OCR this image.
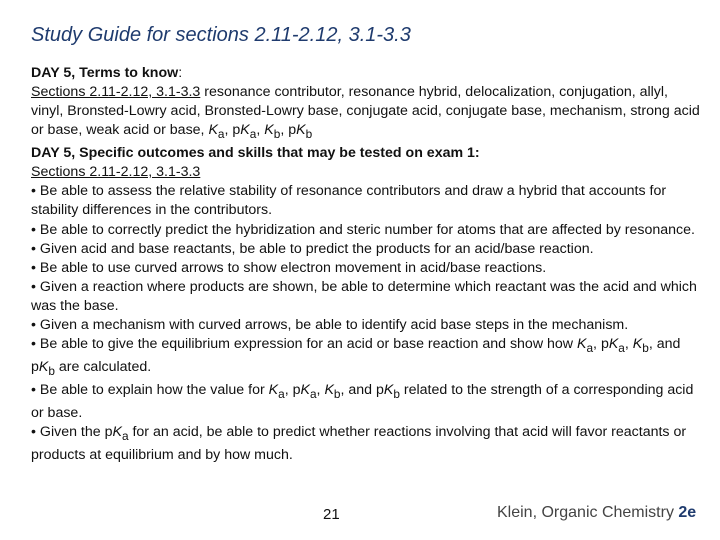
Study Guide for sections 2.11-2.12, 3.1-3.3

DAY 5, Terms to know:

Sections 2.11-2.12, 3.1-3.3 resonance contributor, resonance hybrid, delocalization, conjugation, allyl, vinyl, Bronsted-Lowry acid, Bronsted-Lowry base, conjugate acid, conjugate base, mechanism, strong acid or base, weak acid or base, $K_a$, $pK_a$, $K_b$, $pK_b$

DAY 5, Specific outcomes and skills that may be tested on exam 1:

Sections 2.11-2.12, 3.1-3.3

• Be able to assess the relative stability of resonance contributors and draw a hybrid that accounts for stability differences in the contributors.

• Be able to correctly predict the hybridization and steric number for atoms that are affected by resonance.

• Given acid and base reactants, be able to predict the products for an acid/base reaction.

• Be able to use curved arrows to show electron movement in acid/base reactions.

• Given a reaction where products are shown, be able to determine which reactant was the acid and which was the base.

• Given a mechanism with curved arrows, be able to identify acid base steps in the mechanism.

• Be able to give the equilibrium expression for an acid or base reaction and show how $K_a$, $pK_a$, $K_b$, and $pK_b$ are calculated.

• Be able to explain how the value for $K_a$, $pK_a$, $K_b$, and $pK_b$ related to the strength of a corresponding acid or base.

• Given the $pK_a$ for an acid, be able to predict whether reactions involving that acid will favor reactants or products at equilibrium and by how much.

21	Klein, Organic Chemistry 2e
